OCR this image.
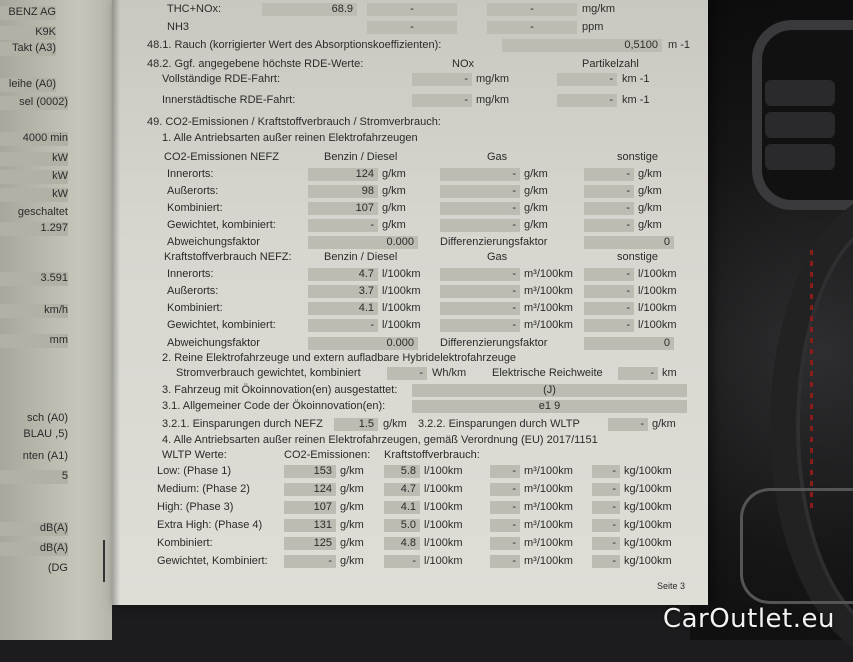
BENZ AG
K9K
Takt (A3)
leihe (A0)
sel (0002)
4000 min
kW
kW
kW
geschaltet
1.297
3.591
km/h
mm
sch (A0)
BLAU ,5)
nten (A1)
5
dB(A)
dB(A)
(DG
THC+NOx:	68.9	-	-	mg/km
NH3	-	-	ppm
48.1. Rauch (korrigierter Wert des Absorptionskoeffizienten):	0,5100 m -1
48.2. Ggf. angegebene höchste RDE-Werte:	NOx	Partikelzahl
Vollständige RDE-Fahrt:	- mg/km	- km -1
Innerstädtische RDE-Fahrt:	- mg/km	- km -1
49. CO2-Emissionen / Kraftstoffverbrauch / Stromverbrauch:
1. Alle Antriebsarten außer reinen Elektrofahrzeugen
CO2-Emissionen NEFZ	Benzin / Diesel	Gas	sonstige
Innerorts:	124 g/km	- g/km	- g/km
Außerorts:	98 g/km	- g/km	- g/km
Kombiniert:	107 g/km	- g/km	- g/km
Gewichtet, kombiniert:	- g/km	- g/km	- g/km
Abweichungsfaktor	0.000	Differenzierungsfaktor	0
Kraftstoffverbrauch NEFZ:	Benzin / Diesel	Gas	sonstige
Innerorts:	4.7 l/100km	- m³/100km	- l/100km
Außerorts:	3.7 l/100km	- m³/100km	- l/100km
Kombiniert:	4.1 l/100km	- m³/100km	- l/100km
Gewichtet, kombiniert:	- l/100km	- m³/100km	- l/100km
Abweichungsfaktor	0.000	Differenzierungsfaktor	0
2. Reine Elektrofahrzeuge und extern aufladbare Hybridelektrofahrzeuge
Stromverbrauch gewichtet, kombiniert	- Wh/km Elektrische Reichweite	- km
3. Fahrzeug mit Ökoinnovation(en) ausgestattet:	(J)
3.1. Allgemeiner Code der Ökoinnovation(en):	e1 9
3.2.1. Einsparungen durch NEFZ	1.5 g/km 3.2.2. Einsparungen durch WLTP	- g/km
4. Alle Antriebsarten außer reinen Elektrofahrzeugen, gemäß Verordnung (EU) 2017/1151
WLTP Werte:	CO2-Emissionen: Kraftstoffverbrauch:
Low: (Phase 1)	153 g/km	5.8 l/100km	- m³/100km	- kg/100km
Medium: (Phase 2)	124 g/km	4.7 l/100km	- m³/100km	- kg/100km
High: (Phase 3)	107 g/km	4.1 l/100km	- m³/100km	- kg/100km
Extra High: (Phase 4)	131 g/km	5.0 l/100km	- m³/100km	- kg/100km
Kombiniert:	125 g/km	4.8 l/100km	- m³/100km	- kg/100km
Gewichtet, Kombiniert:	- g/km	- l/100km	- m³/100km	- kg/100km
Seite 3
CarOutlet.eu
